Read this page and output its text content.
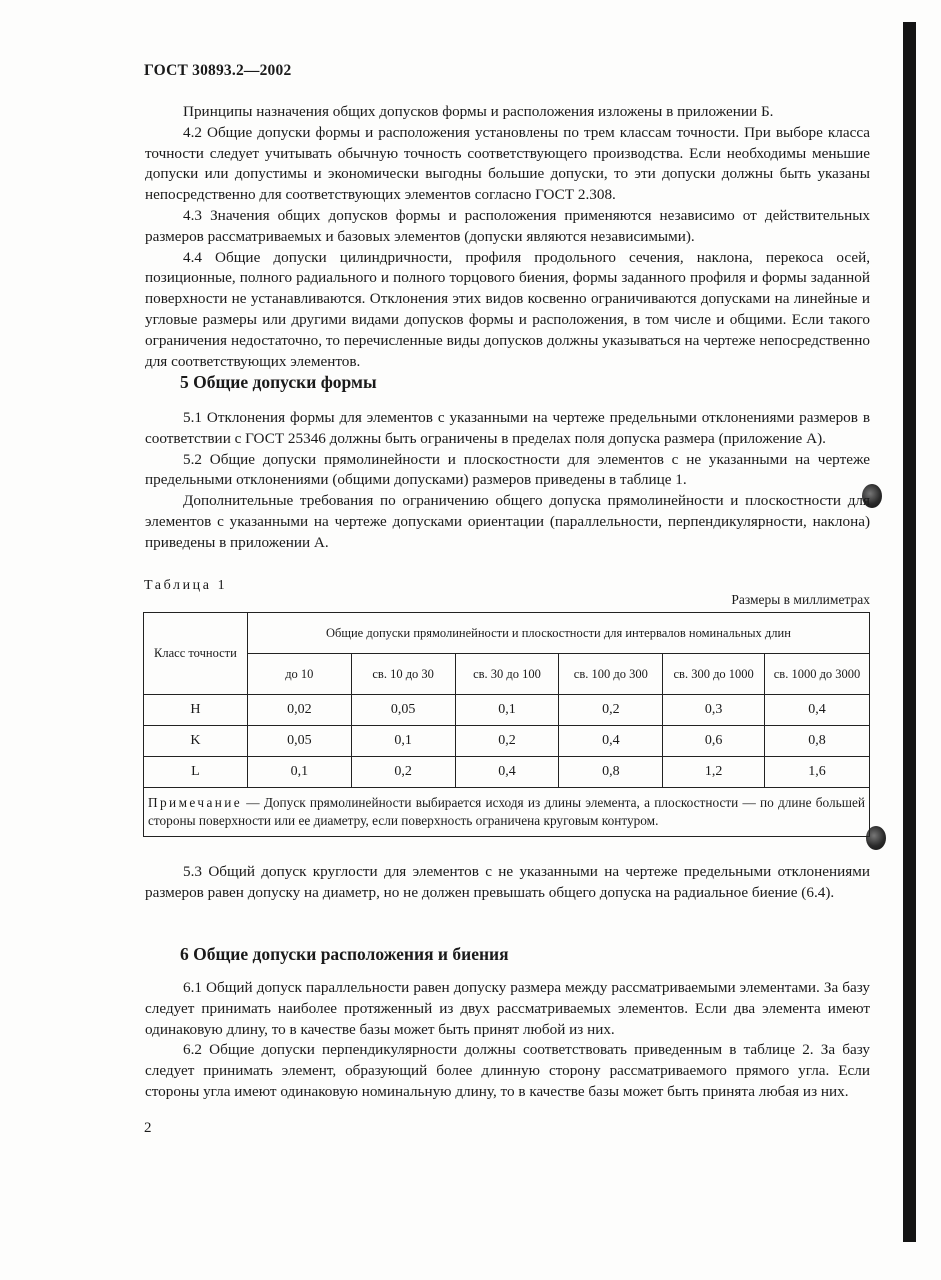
ГОСТ 30893.2—2002

Принципы назначения общих допусков формы и расположения изложены в приложении Б.

4.2 Общие допуски формы и расположения установлены по трем классам точности. При выборе класса точности следует учитывать обычную точность соответствующего производства. Если необходимы меньшие допуски или допустимы и экономически выгодны большие допуски, то эти допуски должны быть указаны непосредственно для соответствующих элементов согласно ГОСТ 2.308.

4.3 Значения общих допусков формы и расположения применяются независимо от действительных размеров рассматриваемых и базовых элементов (допуски являются независимыми).

4.4 Общие допуски цилиндричности, профиля продольного сечения, наклона, перекоса осей, позиционные, полного радиального и полного торцового биения, формы заданного профиля и формы заданной поверхности не устанавливаются. Отклонения этих видов косвенно ограничиваются допусками на линейные и угловые размеры или другими видами допусков формы и расположения, в том числе и общими. Если такого ограничения недостаточно, то перечисленные виды допусков должны указываться на чертеже непосредственно для соответствующих элементов.

5 Общие допуски формы

5.1 Отклонения формы для элементов с указанными на чертеже предельными отклонениями размеров в соответствии с ГОСТ 25346 должны быть ограничены в пределах поля допуска размера (приложение А).

5.2 Общие допуски прямолинейности и плоскостности для элементов с не указанными на чертеже предельными отклонениями (общими допусками) размеров приведены в таблице 1.

Дополнительные требования по ограничению общего допуска прямолинейности и плоскостности для элементов с указанными на чертеже допусками ориентации (параллельности, перпендикулярности, наклона) приведены в приложении А.

Таблица 1
Размеры в миллиметрах
Класс точности	Общие допуски прямолинейности и плоскостности для интервалов номинальных длин					
	до 10	св. 10 до 30	св. 30 до 100	св. 100 до 300	св. 300 до 1000	св. 1000 до 3000
H	0,02	0,05	0,1	0,2	0,3	0,4
K	0,05	0,1	0,2	0,4	0,6	0,8
L	0,1	0,2	0,4	0,8	1,2	1,6
Примечание — Допуск прямолинейности выбирается исходя из длины элемента, а плоскостности — по длине большей стороны поверхности или ее диаметру, если поверхность ограничена круговым контуром.						

5.3 Общий допуск круглости для элементов с не указанными на чертеже предельными отклонениями размеров равен допуску на диаметр, но не должен превышать общего допуска на радиальное биение (6.4).

6 Общие допуски расположения и биения

6.1 Общий допуск параллельности равен допуску размера между рассматриваемыми элементами. За базу следует принимать наиболее протяженный из двух рассматриваемых элементов. Если два элемента имеют одинаковую длину, то в качестве базы может быть принят любой из них.

6.2 Общие допуски перпендикулярности должны соответствовать приведенным в таблице 2. За базу следует принимать элемент, образующий более длинную сторону рассматриваемого прямого угла. Если стороны угла имеют одинаковую номинальную длину, то в качестве базы может быть принята любая из них.

2
